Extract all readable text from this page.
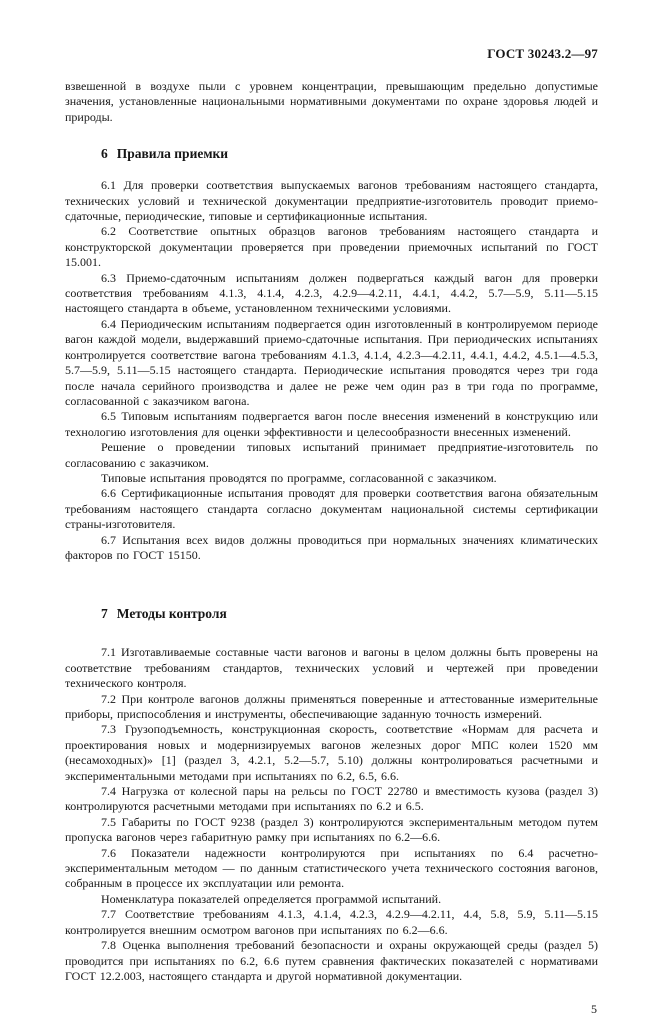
ГОСТ 30243.2—97

взвешенной в воздухе пыли с уровнем концентрации, превышающим предельно допустимые значения, установленные национальными нормативными документами по охране здоровья людей и природы.

6 Правила приемки

6.1 Для проверки соответствия выпускаемых вагонов требованиям настоящего стандарта, технических условий и технической документации предприятие-изготовитель проводит приемо-сдаточные, периодические, типовые и сертификационные испытания.

6.2 Соответствие опытных образцов вагонов требованиям настоящего стандарта и конструкторской документации проверяется при проведении приемочных испытаний по ГОСТ 15.001.

6.3 Приемо-сдаточным испытаниям должен подвергаться каждый вагон для проверки соответствия требованиям 4.1.3, 4.1.4, 4.2.3, 4.2.9—4.2.11, 4.4.1, 4.4.2, 5.7—5.9, 5.11—5.15 настоящего стандарта в объеме, установленном техническими условиями.

6.4 Периодическим испытаниям подвергается один изготовленный в контролируемом периоде вагон каждой модели, выдержавший приемо-сдаточные испытания. При периодических испытаниях контролируется соответствие вагона требованиям 4.1.3, 4.1.4, 4.2.3—4.2.11, 4.4.1, 4.4.2, 4.5.1—4.5.3, 5.7—5.9, 5.11—5.15 настоящего стандарта. Периодические испытания проводятся через три года после начала серийного производства и далее не реже чем один раз в три года по программе, согласованной с заказчиком вагона.

6.5 Типовым испытаниям подвергается вагон после внесения изменений в конструкцию или технологию изготовления для оценки эффективности и целесообразности внесенных изменений.

Решение о проведении типовых испытаний принимает предприятие-изготовитель по согласованию с заказчиком.

Типовые испытания проводятся по программе, согласованной с заказчиком.

6.6 Сертификационные испытания проводят для проверки соответствия вагона обязательным требованиям настоящего стандарта согласно документам национальной системы сертификации страны-изготовителя.

6.7 Испытания всех видов должны проводиться при нормальных значениях климатических факторов по ГОСТ 15150.

7 Методы контроля

7.1 Изготавливаемые составные части вагонов и вагоны в целом должны быть проверены на соответствие требованиям стандартов, технических условий и чертежей при проведении технического контроля.

7.2 При контроле вагонов должны применяться поверенные и аттестованные измерительные приборы, приспособления и инструменты, обеспечивающие заданную точность измерений.

7.3 Грузоподъемность, конструкционная скорость, соответствие «Нормам для расчета и проектирования новых и модернизируемых вагонов железных дорог МПС колеи 1520 мм (несамоходных)» [1] (раздел 3, 4.2.1, 5.2—5.7, 5.10) должны контролироваться расчетными и экспериментальными методами при испытаниях по 6.2, 6.5, 6.6.

7.4 Нагрузка от колесной пары на рельсы по ГОСТ 22780 и вместимость кузова (раздел 3) контролируются расчетными методами при испытаниях по 6.2 и 6.5.

7.5 Габариты по ГОСТ 9238 (раздел 3) контролируются экспериментальным методом путем пропуска вагонов через габаритную рамку при испытаниях по 6.2—6.6.

7.6 Показатели надежности контролируются при испытаниях по 6.4 расчетно-экспериментальным методом — по данным статистического учета технического состояния вагонов, собранным в процессе их эксплуатации или ремонта.

Номенклатура показателей определяется программой испытаний.

7.7 Соответствие требованиям 4.1.3, 4.1.4, 4.2.3, 4.2.9—4.2.11, 4.4, 5.8, 5.9, 5.11—5.15 контролируется внешним осмотром вагонов при испытаниях по 6.2—6.6.

7.8 Оценка выполнения требований безопасности и охраны окружающей среды (раздел 5) проводится при испытаниях по 6.2, 6.6 путем сравнения фактических показателей с нормативами ГОСТ 12.2.003, настоящего стандарта и другой нормативной документации.

5
